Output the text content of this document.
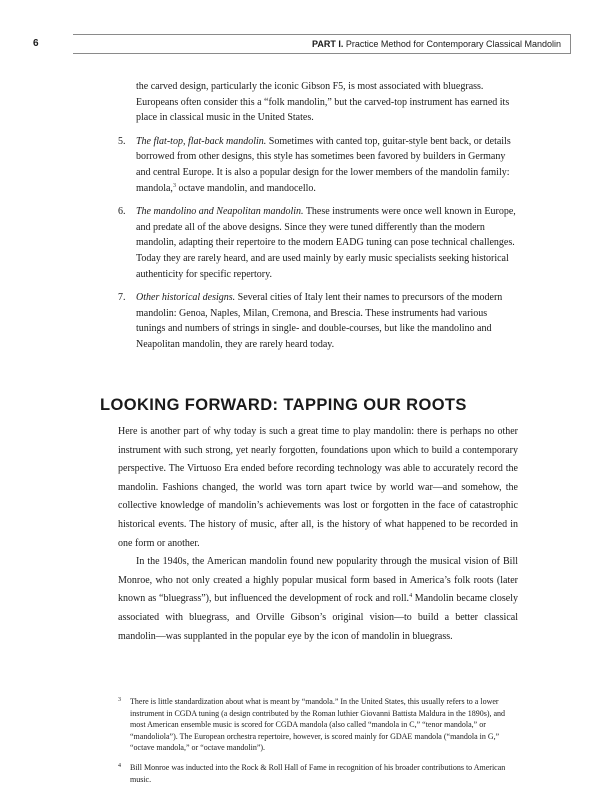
6	PART I. Practice Method for Contemporary Classical Mandolin

the carved design, particularly the iconic Gibson F5, is most associated with bluegrass. Europeans often consider this a “folk mandolin,” but the carved-top instrument has earned its place in classical music in the United States.

5. The flat-top, flat-back mandolin. Sometimes with canted top, guitar-style bent back, or details borrowed from other designs, this style has sometimes been favored by builders in Germany and central Europe. It is also a popular design for the lower members of the mandolin family: mandola,$^3$ octave mandolin, and mandocello.

6. The mandolino and Neapolitan mandolin. These instruments were once well known in Europe, and predate all of the above designs. Since they were tuned differently than the modern mandolin, adapting their repertoire to the modern EADG tuning can pose technical challenges. Today they are rarely heard, and are used mainly by early music specialists seeking historical authenticity for specific repertory.

7. Other historical designs. Several cities of Italy lent their names to precursors of the modern mandolin: Genoa, Naples, Milan, Cremona, and Brescia. These instruments had various tunings and numbers of strings in single- and double-courses, but like the mandolino and Neapolitan mandolin, they are rarely heard today.

LOOKING FORWARD: TAPPING OUR ROOTS

Here is another part of why today is such a great time to play mandolin: there is perhaps no other instrument with such strong, yet nearly forgotten, foundations upon which to build a contemporary perspective. The Virtuoso Era ended before recording technology was able to accurately record the mandolin. Fashions changed, the world was torn apart twice by world war—and somehow, the collective knowledge of mandolin’s achievements was lost or forgotten in the face of catastrophic historical events. The history of music, after all, is the history of what happened to be recorded in one form or another.

In the 1940s, the American mandolin found new popularity through the musical vision of Bill Monroe, who not only created a highly popular musical form based in America’s folk roots (later known as “bluegrass”), but influenced the development of rock and roll.$^4$ Mandolin became closely associated with bluegrass, and Orville Gibson’s original vision—to build a better classical mandolin—was supplanted in the popular eye by the icon of mandolin in bluegrass.

3 There is little standardization about what is meant by “mandola.” In the United States, this usually refers to a lower instrument in CGDA tuning (a design contributed by the Roman luthier Giovanni Battista Maldura in the 1890s), and most American ensemble music is scored for CGDA mandola (also called “mandola in C,” “tenor mandola,” or “mandoliola”). The European orchestra repertoire, however, is scored mainly for GDAE mandola (“mandola in G,” “octave mandola,” or “octave mandolin”).

4 Bill Monroe was inducted into the Rock & Roll Hall of Fame in recognition of his broader contributions to American music.
